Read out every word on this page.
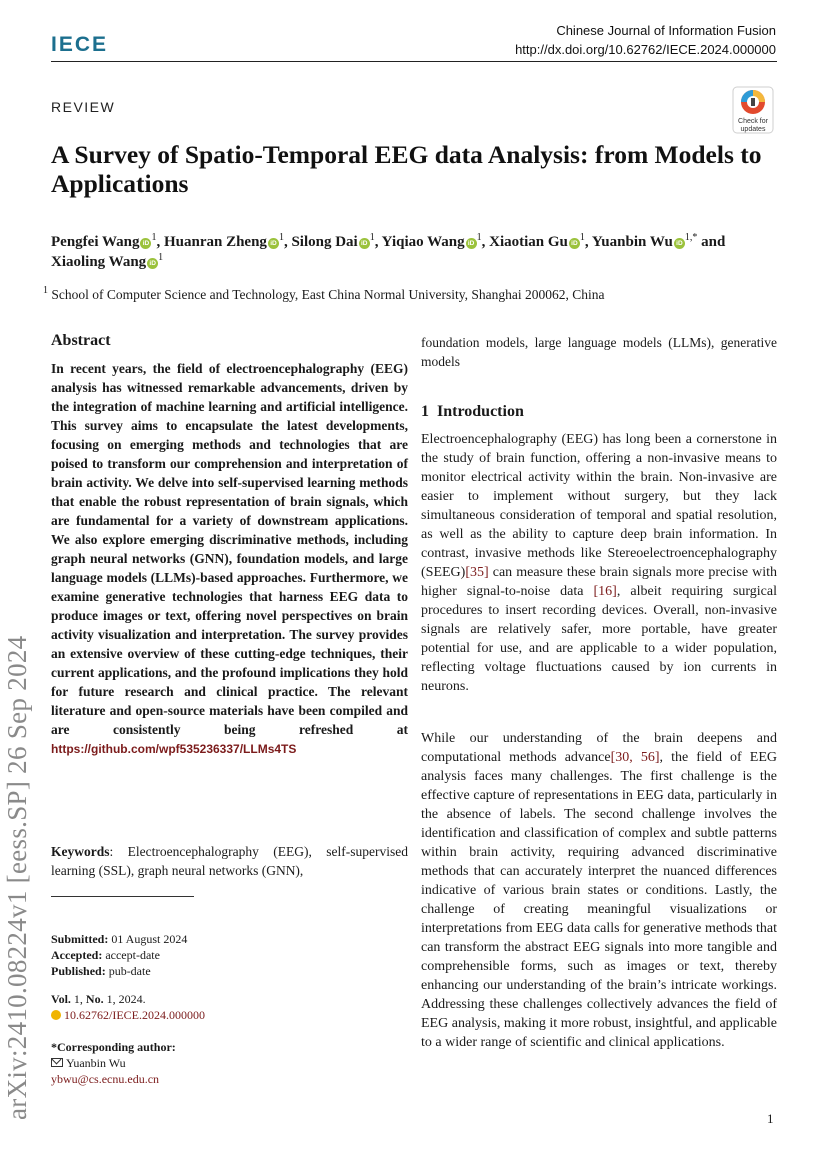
IECE
Chinese Journal of Information Fusion
http://dx.doi.org/10.62762/IECE.2024.000000
REVIEW
Check for updates
A Survey of Spatio-Temporal EEG data Analysis: from Models to Applications
Pengfei Wang $iD^1$, Huanran Zheng $iD^1$, Silong Dai $iD^1$, Yiqiao Wang $iD^1$, Xiaotian Gu $iD^1$, Yuanbin Wu $iD^{1,*}$ and Xiaoling Wang $iD^1$
$^1$ School of Computer Science and Technology, East China Normal University, Shanghai 200062, China
arXiv:2410.08224v1 [eess.SP] 26 Sep 2024
Abstract
In recent years, the field of electroencephalography (EEG) analysis has witnessed remarkable advancements, driven by the integration of machine learning and artificial intelligence. This survey aims to encapsulate the latest developments, focusing on emerging methods and technologies that are poised to transform our comprehension and interpretation of brain activity. We delve into self-supervised learning methods that enable the robust representation of brain signals, which are fundamental for a variety of downstream applications. We also explore emerging discriminative methods, including graph neural networks (GNN), foundation models, and large language models (LLMs)-based approaches. Furthermore, we examine generative technologies that harness EEG data to produce images or text, offering novel perspectives on brain activity visualization and interpretation. The survey provides an extensive overview of these cutting-edge techniques, their current applications, and the profound implications they hold for future research and clinical practice. The relevant literature and open-source materials have been compiled and are consistently being refreshed at https://github.com/wpf535236337/LLMs4TS
Keywords: Electroencephalography (EEG), self-supervised learning (SSL), graph neural networks (GNN),
foundation models, large language models (LLMs), generative models
Submitted: 01 August 2024
Accepted: accept-date
Published: pub-date
Vol. 1, No. 1, 2024.
10.62762/IECE.2024.000000
*Corresponding author:
Yuanbin Wu
ybwu@cs.ecnu.edu.cn
1 Introduction
Electroencephalography (EEG) has long been a cornerstone in the study of brain function, offering a non-invasive means to monitor electrical activity within the brain. Non-invasive are easier to implement without surgery, but they lack simultaneous consideration of temporal and spatial resolution, as well as the ability to capture deep brain information. In contrast, invasive methods like Stereoelectroencephalography (SEEG)[35] can measure these brain signals more precise with higher signal-to-noise data [16], albeit requiring surgical procedures to insert recording devices. Overall, non-invasive signals are relatively safer, more portable, have greater potential for use, and are applicable to a wider population, reflecting voltage fluctuations caused by ion currents in neurons.
While our understanding of the brain deepens and computational methods advance[30, 56], the field of EEG analysis faces many challenges. The first challenge is the effective capture of representations in EEG data, particularly in the absence of labels. The second challenge involves the identification and classification of complex and subtle patterns within brain activity, requiring advanced discriminative methods that can accurately interpret the nuanced differences indicative of various brain states or conditions. Lastly, the challenge of creating meaningful visualizations or interpretations from EEG data calls for generative methods that can transform the abstract EEG signals into more tangible and comprehensible forms, such as images or text, thereby enhancing our understanding of the brain’s intricate workings. Addressing these challenges collectively advances the field of EEG analysis, making it more robust, insightful, and applicable to a wider range of scientific and clinical applications.
1
